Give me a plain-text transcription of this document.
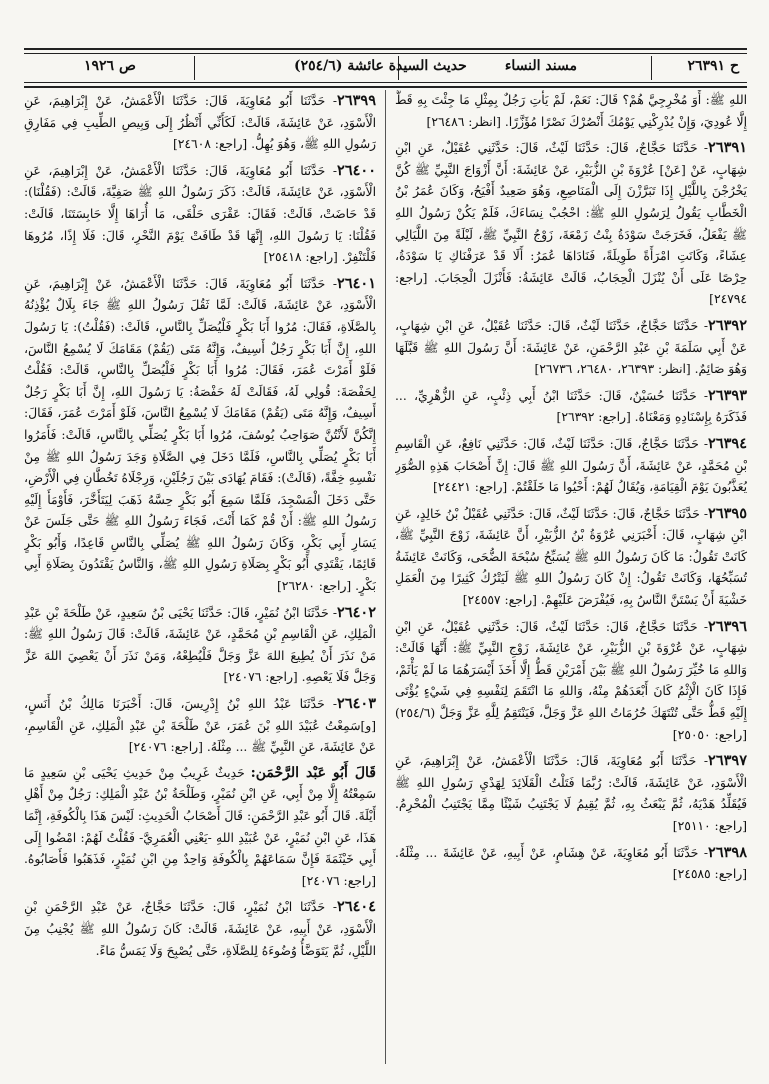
ح ٢٦٣٩١
مسند النساء
حديث السيدة عائشة (٢٥٤/٦)
ص ١٩٢٦

اللهِ ﷺ: أَوَ مُخْرِجِيَّ هُمْ؟ قَالَ: نَعَمْ، لَمْ يَأْتِ رَجُلٌ بِمِثْلِ مَا جِئْتَ بِهِ قَطُّ إِلَّا عُودِيَ، وَإِنْ يُدْرِكْنِي يَوْمُكَ أَنْصُرْكَ نَصْرًا مُؤَزَّرًا. [انظر: ٢٦٤٨٦]

٢٦٣٩١- حَدَّثَنَا حَجَّاجٌ، قَالَ: حَدَّثَنَا لَيْثٌ، قَالَ: حَدَّثَنِي عُقَيْلٌ، عَنِ ابْنِ شِهَابٍ، عَنْ [عَنْ] عُرْوَةَ بْنِ الزُّبَيْرِ، عَنْ عَائِشَةَ: أَنَّ أَزْوَاجَ النَّبِيِّ ﷺ كُنَّ يَخْرُجْنَ بِاللَّيْلِ إِذَا تَبَرَّزْنَ إِلَى الْمَنَاصِعِ، وَهُوَ صَعِيدٌ أَفْيَحُ، وَكَانَ عُمَرُ بْنُ الْخَطَّابِ يَقُولُ لِرَسُولِ اللهِ ﷺ: احْجُبْ نِسَاءَكَ، فَلَمْ يَكُنْ رَسُولُ اللهِ ﷺ يَفْعَلُ، فَخَرَجَتْ سَوْدَةُ بِنْتُ زَمْعَةَ، زَوْجُ النَّبِيِّ ﷺ، لَيْلَةً مِنَ اللَّيَالِي عِشَاءً، وَكَانَتِ امْرَأَةً طَوِيلَةً، فَنَادَاهَا عُمَرُ: أَلَا قَدْ عَرَفْنَاكِ يَا سَوْدَةُ، حِرْصًا عَلَى أَنْ يُنْزَلَ الْحِجَابُ، قَالَتْ عَائِشَةُ: فَأَنْزَلَ الْحِجَابَ. [راجع: ٢٤٧٩٤]

٢٦٣٩٢- حَدَّثَنَا حَجَّاجٌ، حَدَّثَنَا لَيْثٌ، قَالَ: حَدَّثَنَا عُقَيْلٌ، عَنِ ابْنِ شِهَابٍ، عَنْ أَبِي سَلَمَةَ بْنِ عَبْدِ الرَّحْمَنِ، عَنْ عَائِشَةَ: أَنَّ رَسُولَ اللهِ ﷺ قَبَّلَهَا وَهُوَ صَائِمٌ. [انظر: ٢٦٣٩٣، ٢٦٤٨٠، ٢٦٧٣٦]

٢٦٣٩٣- حَدَّثَنَا حُسَيْنٌ، قَالَ: حَدَّثَنَا ابْنُ أَبِي ذِئْبٍ، عَنِ الزُّهْرِيِّ، ... فَذَكَرَهُ بِإِسْنَادِهِ وَمَعْنَاهُ. [راجع: ٢٦٣٩٢]

٢٦٣٩٤- حَدَّثَنَا حَجَّاجٌ، قَالَ: حَدَّثَنَا لَيْثٌ، قَالَ: حَدَّثَنِي نَافِعٌ، عَنِ الْقَاسِمِ بْنِ مُحَمَّدٍ، عَنْ عَائِشَةَ، أَنَّ رَسُولَ اللهِ ﷺ قَالَ: إِنَّ أَصْحَابَ هَذِهِ الصُّوَرِ يُعَذَّبُونَ يَوْمَ الْقِيَامَةِ، وَيُقَالُ لَهُمْ: أَحْيُوا مَا خَلَقْتُمْ. [راجع: ٢٤٤٢١]

٢٦٣٩٥- حَدَّثَنَا حَجَّاجٌ، قَالَ: حَدَّثَنَا لَيْثٌ، قَالَ: حَدَّثَنِي عُقَيْلُ بْنُ خَالِدٍ، عَنِ ابْنِ شِهَابٍ، قَالَ: أَخْبَرَنِي عُرْوَةُ بْنُ الزُّبَيْرِ، أَنَّ عَائِشَةَ، زَوْجَ النَّبِيِّ ﷺ، كَانَتْ تَقُولُ: مَا كَانَ رَسُولُ اللهِ ﷺ يُسَبِّحُ سُبْحَةَ الضُّحَى، وَكَانَتْ عَائِشَةُ تُسَبِّحُهَا، وَكَانَتْ تَقُولُ: إِنْ كَانَ رَسُولُ اللهِ ﷺ لَيَتْرُكُ كَثِيرًا مِنَ الْعَمَلِ خَشْيَةَ أَنْ يَسْتَنَّ النَّاسُ بِهِ، فَيُفْرَضَ عَلَيْهِمْ. [راجع: ٢٤٥٥٧]

٢٦٣٩٦- حَدَّثَنَا حَجَّاجٌ، قَالَ: حَدَّثَنَا لَيْثٌ، قَالَ: حَدَّثَنِي عُقَيْلٌ، عَنِ ابْنِ شِهَابٍ، عَنْ عُرْوَةَ بْنِ الزُّبَيْرِ، عَنْ عَائِشَةَ، زَوْجِ النَّبِيِّ ﷺ: أَنَّهَا قَالَتْ: وَاللهِ مَا خُيِّرَ رَسُولُ اللهِ ﷺ بَيْنَ أَمْرَيْنِ قَطُّ إِلَّا أَخَذَ أَيْسَرَهُمَا مَا لَمْ يَأْثَمْ، فَإِذَا كَانَ الْإِثْمُ كَانَ أَبْعَدَهُمْ مِنْهُ، وَاللهِ مَا انْتَقَمَ لِنَفْسِهِ فِي شَيْءٍ يُؤْتَى إِلَيْهِ قَطُّ حَتَّى تُنْتَهَكَ حُرُمَاتُ اللهِ عَزَّ وَجَلَّ، فَيَنْتَقِمُ لِلَّهِ عَزَّ وَجَلَّ (٢٥٤/٦) [راجع: ٢٥٠٥٠]

٢٦٣٩٧- حَدَّثَنَا أَبُو مُعَاوِيَةَ، قَالَ: حَدَّثَنَا الْأَعْمَشُ، عَنْ إِبْرَاهِيمَ، عَنِ الْأَسْوَدِ، عَنْ عَائِشَةَ، قَالَتْ: رُبَّمَا فَتَلْتُ الْقَلَائِدَ لِهَدْيِ رَسُولِ اللهِ ﷺ فَيُقَلِّدُ هَدْيَهُ، ثُمَّ يَبْعَثُ بِهِ، ثُمَّ يُقِيمُ لَا يَجْتَنِبُ شَيْئًا مِمَّا يَجْتَنِبُ الْمُحْرِمُ. [راجع: ٢٥١١٠]

٢٦٣٩٨- حَدَّثَنَا أَبُو مُعَاوِيَةَ، عَنْ هِشَامٍ، عَنْ أَبِيهِ، عَنْ عَائِشَةَ ... مِثْلَهُ. [راجع: ٢٤٥٨٥]

٢٦٣٩٩- حَدَّثَنَا أَبُو مُعَاوِيَةَ، قَالَ: حَدَّثَنَا الْأَعْمَشُ، عَنْ إِبْرَاهِيمَ، عَنِ الْأَسْوَدِ، عَنْ عَائِشَةَ، قَالَتْ: لَكَأَنِّي أَنْظُرُ إِلَى وَبِيصِ الطِّيبِ فِي مَفَارِقِ رَسُولِ اللهِ ﷺ، وَهُوَ يُهِلُّ. [راجع: ٢٤٦٠٨]

٢٦٤٠٠- حَدَّثَنَا أَبُو مُعَاوِيَةَ، قَالَ: حَدَّثَنَا الْأَعْمَشُ، عَنْ إِبْرَاهِيمَ، عَنِ الْأَسْوَدِ، عَنْ عَائِشَةَ، قَالَتْ: ذَكَرَ رَسُولُ اللهِ ﷺ صَفِيَّةَ، قَالَتْ: (فَقُلْنَا): قَدْ حَاضَتْ، قَالَتْ: فَقَالَ: عَقْرَى حَلْقَى، مَا أُرَاهَا إِلَّا حَابِسَتَنَا، قَالَتْ: فَقُلْنَا: يَا رَسُولَ اللهِ، إِنَّهَا قَدْ طَافَتْ يَوْمَ النَّحْرِ، قَالَ: فَلَا إِذًا، مُرُوهَا فَلْتَنْفِرْ. [راجع: ٢٥٤١٨]

٢٦٤٠١- حَدَّثَنَا أَبُو مُعَاوِيَةَ، قَالَ: حَدَّثَنَا الْأَعْمَشُ، عَنْ إِبْرَاهِيمَ، عَنِ الْأَسْوَدِ، عَنْ عَائِشَةَ، قَالَتْ: لَمَّا ثَقُلَ رَسُولُ اللهِ ﷺ جَاءَ بِلَالٌ يُؤْذِنُهُ بِالصَّلَاةِ، فَقَالَ: مُرُوا أَبَا بَكْرٍ فَلْيُصَلِّ بِالنَّاسِ، قَالَتْ: (فَقُلْتُ): يَا رَسُولَ اللهِ، إِنَّ أَبَا بَكْرٍ رَجُلٌ أَسِيفٌ، وَإِنَّهُ مَتَى (يَقُمْ) مَقَامَكَ لَا يُسْمِعُ النَّاسَ، فَلَوْ أَمَرْتَ عُمَرَ، فَقَالَ: مُرُوا أَبَا بَكْرٍ فَلْيُصَلِّ بِالنَّاسِ، قَالَتْ: فَقُلْتُ لِحَفْصَةَ: قُولِي لَهُ، فَقَالَتْ لَهُ حَفْصَةُ: يَا رَسُولَ اللهِ، إِنَّ أَبَا بَكْرٍ رَجُلٌ أَسِيفٌ، وَإِنَّهُ مَتَى (يَقُمْ) مَقَامَكَ لَا يُسْمِعُ النَّاسَ، فَلَوْ أَمَرْتَ عُمَرَ، فَقَالَ: إِنَّكُنَّ لَأَنْتُنَّ صَوَاحِبُ يُوسُفَ، مُرُوا أَبَا بَكْرٍ يُصَلِّي بِالنَّاسِ، قَالَتْ: فَأَمَرُوا أَبَا بَكْرٍ يُصَلِّي بِالنَّاسِ، فَلَمَّا دَخَلَ فِي الصَّلَاةِ وَجَدَ رَسُولُ اللهِ ﷺ مِنْ نَفْسِهِ خِفَّةً، (قَالَتْ): فَقَامَ يُهَادَى بَيْنَ رَجُلَيْنِ، وَرِجْلَاهُ تَخُطَّانِ فِي الْأَرْضِ، حَتَّى دَخَلَ الْمَسْجِدَ، فَلَمَّا سَمِعَ أَبُو بَكْرٍ حِسَّهُ ذَهَبَ لِيَتَأَخَّرَ، فَأَوْمَأَ إِلَيْهِ رَسُولُ اللهِ ﷺ: أَنْ قُمْ كَمَا أَنْتَ، فَجَاءَ رَسُولُ اللهِ ﷺ حَتَّى جَلَسَ عَنْ يَسَارِ أَبِي بَكْرٍ، وَكَانَ رَسُولُ اللهِ ﷺ يُصَلِّي بِالنَّاسِ قَاعِدًا، وَأَبُو بَكْرٍ قَائِمًا، يَقْتَدِي أَبُو بَكْرٍ بِصَلَاةِ رَسُولِ اللهِ ﷺ، وَالنَّاسُ يَقْتَدُونَ بِصَلَاةِ أَبِي بَكْرٍ. [راجع: ٢٦٢٨٠]

٢٦٤٠٢- حَدَّثَنَا ابْنُ نُمَيْرٍ، قَالَ: حَدَّثَنَا يَحْيَى بْنُ سَعِيدٍ، عَنْ طَلْحَةَ بْنِ عَبْدِ الْمَلِكِ، عَنِ الْقَاسِمِ بْنِ مُحَمَّدٍ، عَنْ عَائِشَةَ، قَالَتْ: قَالَ رَسُولُ اللهِ ﷺ: مَنْ نَذَرَ أَنْ يُطِيعَ اللهَ عَزَّ وَجَلَّ فَلْيُطِعْهُ، وَمَنْ نَذَرَ أَنْ يَعْصِيَ اللهَ عَزَّ وَجَلَّ فَلَا يَعْصِهِ. [راجع: ٢٤٠٧٦]

٢٦٤٠٣- حَدَّثَنَا عَبْدُ اللهِ بْنُ إِدْرِيسَ، قَالَ: أَخْبَرَنَا مَالِكُ بْنُ أَنَسٍ، [و]سَمِعْتُ عُبَيْدَ اللهِ بْنَ عُمَرَ، عَنْ طَلْحَةَ بْنِ عَبْدِ الْمَلِكِ، عَنِ الْقَاسِمِ، عَنْ عَائِشَةَ، عَنِ النَّبِيِّ ﷺ ... مِثْلَهُ. [راجع: ٢٤٠٧٦]

قَالَ أَبُو عَبْد الرَّحْمَن: حَدِيثٌ غَرِيبٌ مِنْ حَدِيثِ يَحْيَى بْنِ سَعِيدٍ مَا سَمِعْتُهُ إِلَّا مِنْ أَبِي، عَنِ ابْنِ نُمَيْرٍ، وَطَلْحَةُ بْنُ عَبْدِ الْمَلِكِ: رَجُلٌ مِنْ أَهْلِ أَيْلَةَ. قَالَ أَبُو عَبْدِ الرَّحْمَنِ: قَالَ أَصْحَابُ الْحَدِيثِ: لَيْسَ هَذَا بِالْكُوفَةِ، إِنَّمَا هَذَا، عَنِ ابْنِ نُمَيْرٍ، عَنْ عُبَيْدِ اللهِ -يَعْنِي الْعُمَرِيَّ- فَقُلْتُ لَهُمْ: امْضُوا إِلَى أَبِي خَيْثَمَةَ فَإِنَّ سَمَاعَهُمْ بِالْكُوفَةِ وَاحِدٌ مِنِ ابْنِ نُمَيْرٍ، فَذَهَبُوا فَأَصَابُوهُ. [راجع: ٢٤٠٧٦]

٢٦٤٠٤- حَدَّثَنَا ابْنُ نُمَيْرٍ، قَالَ: حَدَّثَنَا حَجَّاجٌ، عَنْ عَبْدِ الرَّحْمَنِ بْنِ الْأَسْوَدِ، عَنْ أَبِيهِ، عَنْ عَائِشَةَ، قَالَتْ: كَانَ رَسُولُ اللهِ ﷺ يُجْنِبُ مِنَ اللَّيْلِ، ثُمَّ يَتَوَضَّأُ وُضُوءَهُ لِلصَّلَاةِ، حَتَّى يُصْبِحَ وَلَا يَمَسُّ مَاءً.
